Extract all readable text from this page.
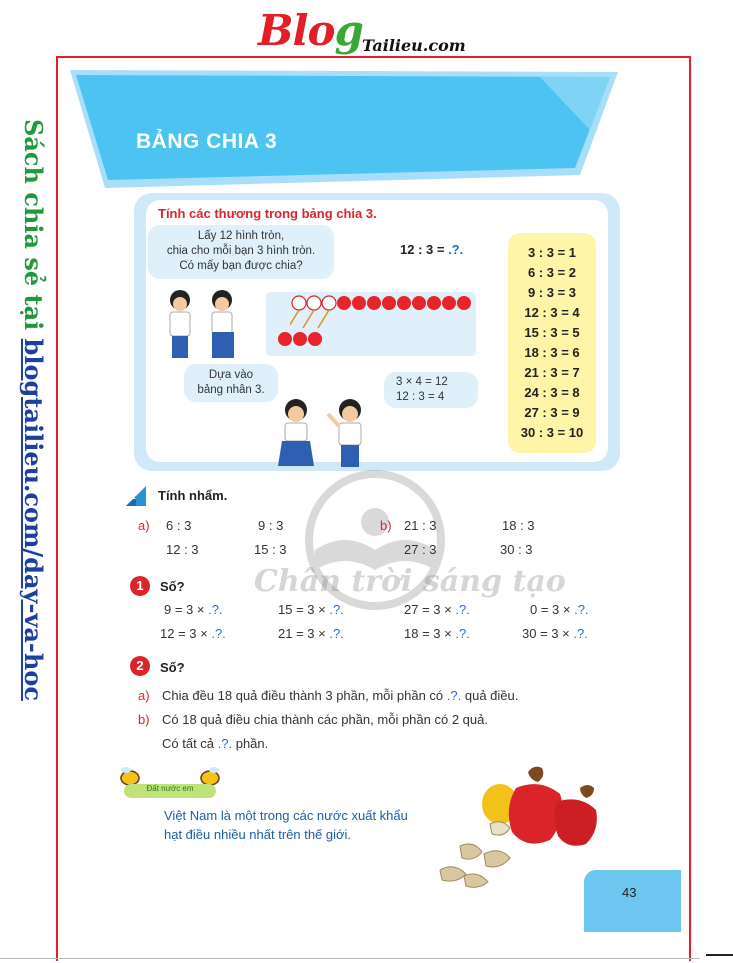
Blog Tailieu.com
Sách chia sẻ tại blogtailieu.com/day-va-hoc
BẢNG CHIA 3
Tính các thương trong bảng chia 3.
Lấy 12 hình tròn,
chia cho mỗi bạn 3 hình tròn.
Có mấy bạn được chia?
12 : 3 = .?.
Dựa vào
bảng nhân 3.
3 × 4 = 12
12 : 3 = 4
3 : 3 = 1
6 : 3 = 2
9 : 3 = 3
12 : 3 = 4
15 : 3 = 5
18 : 3 = 6
21 : 3 = 7
24 : 3 = 8
27 : 3 = 9
30 : 3 = 10
Chân trời sáng tạo
1 Tính nhẩm.
a) 6 : 3	9 : 3
12 : 3	15 : 3
b) 21 : 3	18 : 3
27 : 3	30 : 3
1	Số?
9 = 3 × .?.	15 = 3 × .?.	27 = 3 × .?.	0 = 3 × .?.
12 = 3 × .?.	21 = 3 × .?.	18 = 3 × .?.	30 = 3 × .?.
2	Số?
a) Chia đều 18 quả điều thành 3 phần, mỗi phần có .?. quả điều.
b) Có 18 quả điều chia thành các phần, mỗi phần có 2 quả.
Có tất cả .?. phần.
Đất nước em
Việt Nam là một trong các nước xuất khẩu
hạt điều nhiều nhất trên thế giới.
43
